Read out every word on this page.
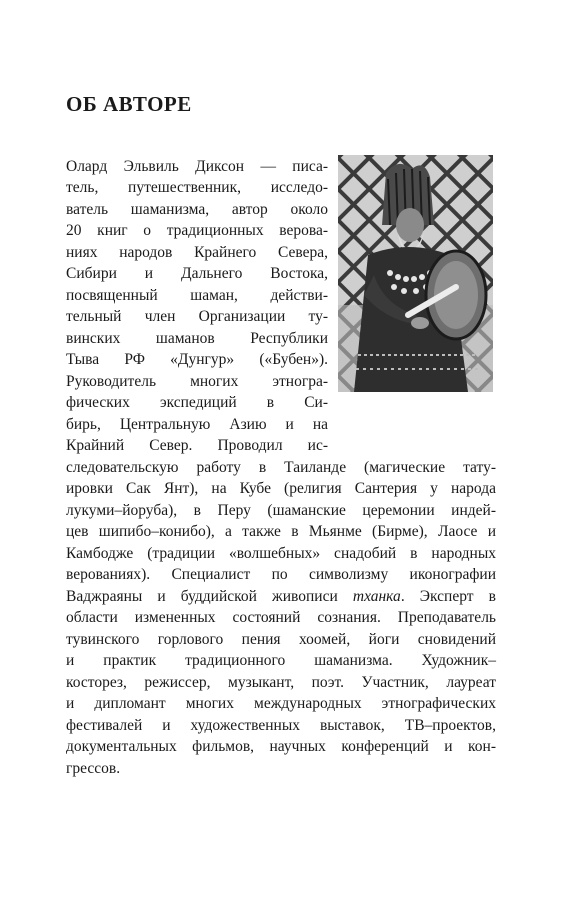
ОБ АВТОРЕ
Олард Эльвиль Диксон — писа-
тель, путешественник, исследо-
ватель шаманизма, автор около
20 книг о традиционных верова-
ниях народов Крайнего Севера,
Сибири и Дальнего Востока,
посвященный шаман, действи-
тельный член Организации ту-
винских шаманов Республики
Тыва РФ «Дунгур» («Бубен»).
Руководитель многих этногра-
фических экспедиций в Си-
бирь, Центральную Азию и на
Крайний Север. Проводил ис-
следовательскую работу в Таиланде (магические тату-
ировки Сак Янт), на Кубе (религия Сантерия у народа
лукуми–йоруба), в Перу (шаманские церемонии индей-
цев шипибо–конибо), а также в Мьянме (Бирме), Лаосе и
Камбодже (традиции «волшебных» снадобий в народных
верованиях). Специалист по символизму иконографии
Ваджраяны и буддийской живописи тханка. Эксперт в
области измененных состояний сознания. Преподаватель
тувинского горлового пения хоомей, йоги сновидений
и практик традиционного шаманизма. Художник–
косторез, режиссер, музыкант, поэт. Участник, лауреат
и дипломант многих международных этнографических
фестивалей и художественных выставок, ТВ–проектов,
документальных фильмов, научных конференций и кон-
грессов.
